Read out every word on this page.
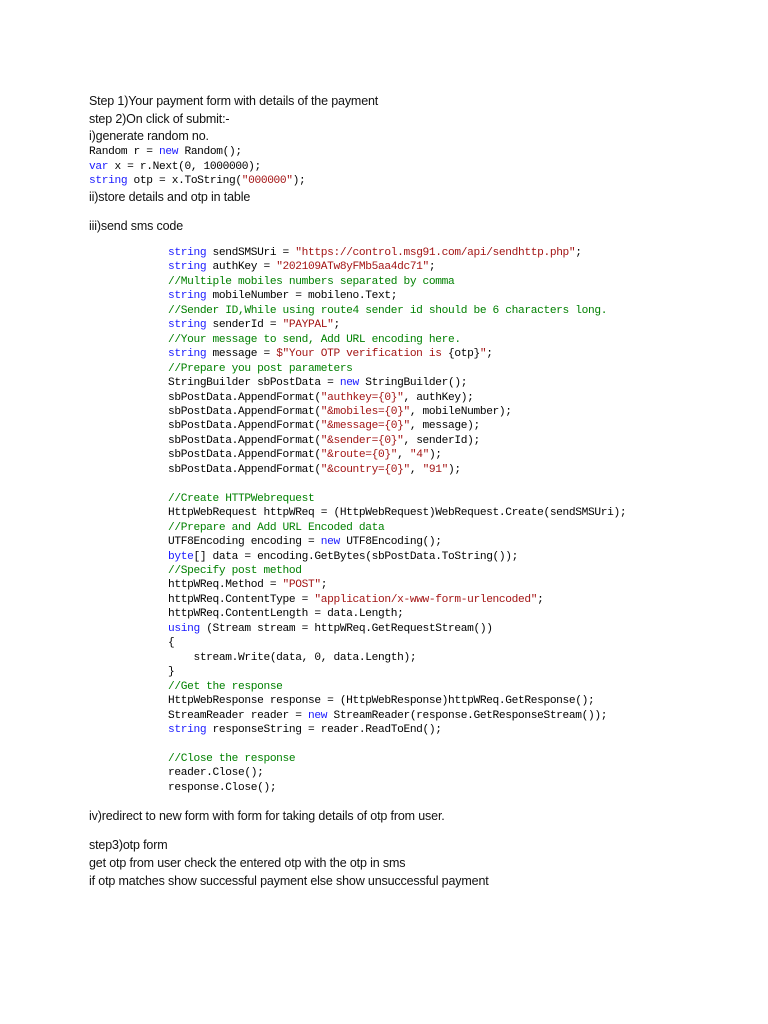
Step 1)Your payment form with details of the payment

step 2)On click of submit:-

i)generate random no.

Random r = new Random();
var x = r.Next(0, 1000000);
string otp = x.ToString("000000");

ii)store details and otp in table

iii)send sms code

string sendSMSUri = "https://control.msg91.com/api/sendhttp.php";
string authKey = "202109ATw8yFMb5aa4dc71";
//Multiple mobiles numbers separated by comma
string mobileNumber = mobileno.Text;
//Sender ID,While using route4 sender id should be 6 characters long.
string senderId = "PAYPAL";
//Your message to send, Add URL encoding here.
string message = $"Your OTP verification is {otp}";
//Prepare you post parameters
StringBuilder sbPostData = new StringBuilder();
sbPostData.AppendFormat("authkey={0}", authKey);
sbPostData.AppendFormat("&mobiles={0}", mobileNumber);
sbPostData.AppendFormat("&message={0}", message);
sbPostData.AppendFormat("&sender={0}", senderId);
sbPostData.AppendFormat("&route={0}", "4");
sbPostData.AppendFormat("&country={0}", "91");

//Create HTTPWebrequest
HttpWebRequest httpWReq = (HttpWebRequest)WebRequest.Create(sendSMSUri);
//Prepare and Add URL Encoded data
UTF8Encoding encoding = new UTF8Encoding();
byte[] data = encoding.GetBytes(sbPostData.ToString());
//Specify post method
httpWReq.Method = "POST";
httpWReq.ContentType = "application/x-www-form-urlencoded";
httpWReq.ContentLength = data.Length;
using (Stream stream = httpWReq.GetRequestStream())
{
stream.Write(data, 0, data.Length);
}
//Get the response
HttpWebResponse response = (HttpWebResponse)httpWReq.GetResponse();
StreamReader reader = new StreamReader(response.GetResponseStream());
string responseString = reader.ReadToEnd();

//Close the response
reader.Close();
response.Close();

iv)redirect to new form with form for taking details of otp from user.

step3)otp form

get otp from user check the entered otp with the otp in sms

if otp matches show successful payment else show unsuccessful payment
